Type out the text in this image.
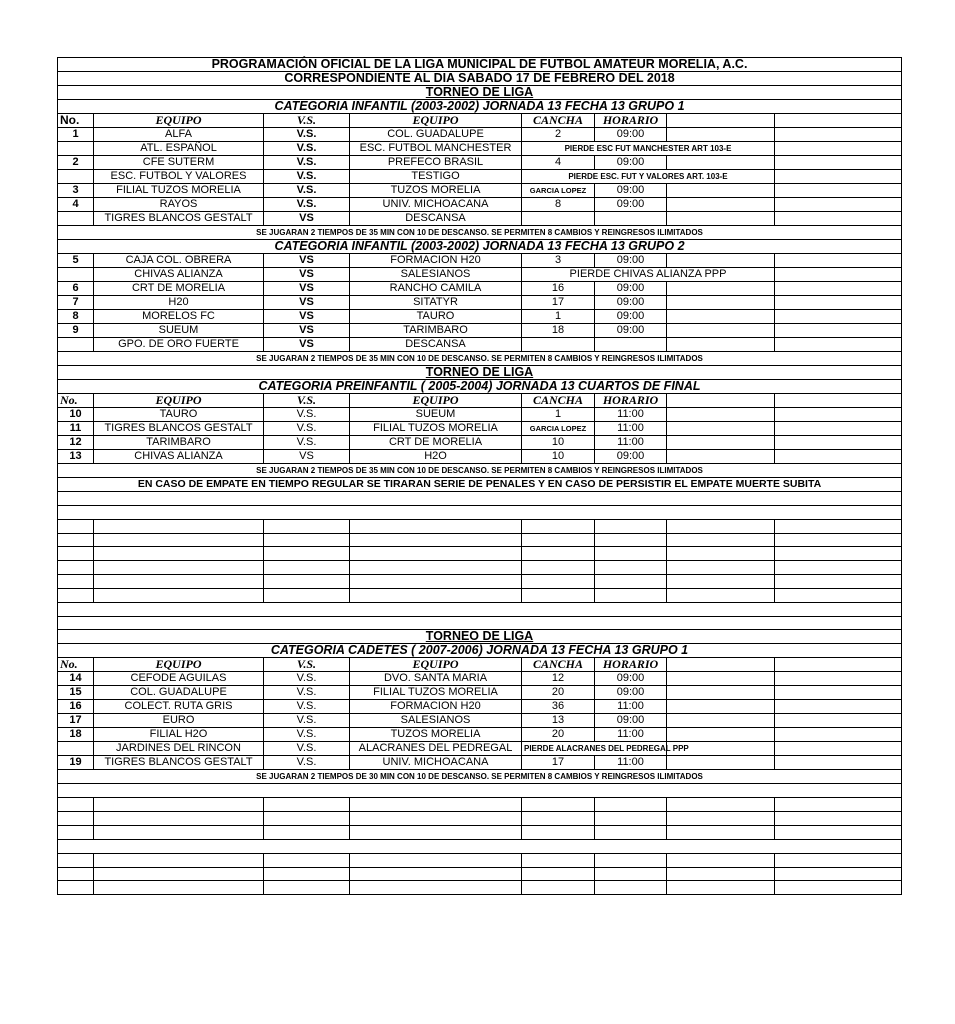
PROGRAMACIÓN OFICIAL DE LA LIGA MUNICIPAL DE FUTBOL AMATEUR MORELIA, A.C.							
CORRESPONDIENTE AL DIA SABADO 17 DE FEBRERO DEL 2018							
TORNEO DE LIGA							
CATEGORIA INFANTIL (2003-2002) JORNADA 13 FECHA 13 GRUPO 1							
No.	EQUIPO	V.S.	EQUIPO	CANCHA	HORARIO		
1	ALFA	V.S.	COL. GUADALUPE	2	09:00		
	ATL. ESPAÑOL	V.S.	ESC. FUTBOL MANCHESTER	PIERDE ESC FUT MANCHESTER ART 103-E			
2	CFE SUTERM	V.S.	PREFECO BRASIL	4	09:00		
	ESC. FUTBOL Y VALORES	V.S.	TESTIGO	PIERDE ESC. FUT Y VALORES ART. 103-E			
3	FILIAL TUZOS MORELIA	V.S.	TUZOS MORELIA	GARCIA LOPEZ	09:00		
4	RAYOS	V.S.	UNIV. MICHOACANA	8	09:00		
	TIGRES BLANCOS GESTALT	VS	DESCANSA				
SE JUGARAN 2 TIEMPOS DE 35 MIN CON 10 DE DESCANSO. SE PERMITEN 8 CAMBIOS Y REINGRESOS ILIMITADOS							
CATEGORIA INFANTIL (2003-2002) JORNADA 13 FECHA 13 GRUPO 2							
5	CAJA COL. OBRERA	VS	FORMACION H20	3	09:00		
	CHIVAS ALIANZA	VS	SALESIANOS	PIERDE CHIVAS ALIANZA PPP			
6	CRT DE MORELIA	VS	RANCHO CAMILA	16	09:00		
7	H20	VS	SITATYR	17	09:00		
8	MORELOS FC	VS	TAURO	1	09:00		
9	SUEUM	VS	TARIMBARO	18	09:00		
	GPO. DE ORO FUERTE	VS	DESCANSA				
SE JUGARAN 2 TIEMPOS DE 35 MIN CON 10 DE DESCANSO. SE PERMITEN 8 CAMBIOS Y REINGRESOS ILIMITADOS							
TORNEO DE LIGA							
CATEGORIA PREINFANTIL ( 2005-2004) JORNADA 13 CUARTOS DE FINAL							
No.	EQUIPO	V.S.	EQUIPO	CANCHA	HORARIO		
10	TAURO	V.S.	SUEUM	1	11:00		
11	TIGRES BLANCOS GESTALT	V.S.	FILIAL TUZOS MORELIA	GARCIA LOPEZ	11:00		
12	TARIMBARO	V.S.	CRT DE MORELIA	10	11:00		
13	CHIVAS ALIANZA	VS	H2O	10	09:00		
SE JUGARAN 2 TIEMPOS DE 35 MIN CON 10 DE DESCANSO. SE PERMITEN 8 CAMBIOS Y REINGRESOS ILIMITADOS							
EN CASO DE EMPATE EN TIEMPO REGULAR SE TIRARAN SERIE DE PENALES Y EN CASO DE PERSISTIR EL EMPATE MUERTE SUBITA							

TORNEO DE LIGA							
CATEGORIA CADETES ( 2007-2006) JORNADA 13 FECHA 13 GRUPO 1							
No.	EQUIPO	V.S.	EQUIPO	CANCHA	HORARIO		
14	CEFODE AGUILAS	V.S.	DVO. SANTA MARIA	12	09:00		
15	COL. GUADALUPE	V.S.	FILIAL TUZOS MORELIA	20	09:00		
16	COLECT. RUTA GRIS	V.S.	FORMACION H20	36	11:00		
17	EURO	V.S.	SALESIANOS	13	09:00		
18	FILIAL H2O	V.S.	TUZOS MORELIA	20	11:00		
	JARDINES DEL RINCON	V.S.	ALACRANES DEL PEDREGAL	PIERDE ALACRANES DEL PEDREGAL PPP			
19	TIGRES BLANCOS GESTALT	V.S.	UNIV. MICHOACANA	17	11:00		
SE JUGARAN 2 TIEMPOS DE 30 MIN CON 10 DE DESCANSO. SE PERMITEN 8 CAMBIOS Y REINGRESOS ILIMITADOS							
